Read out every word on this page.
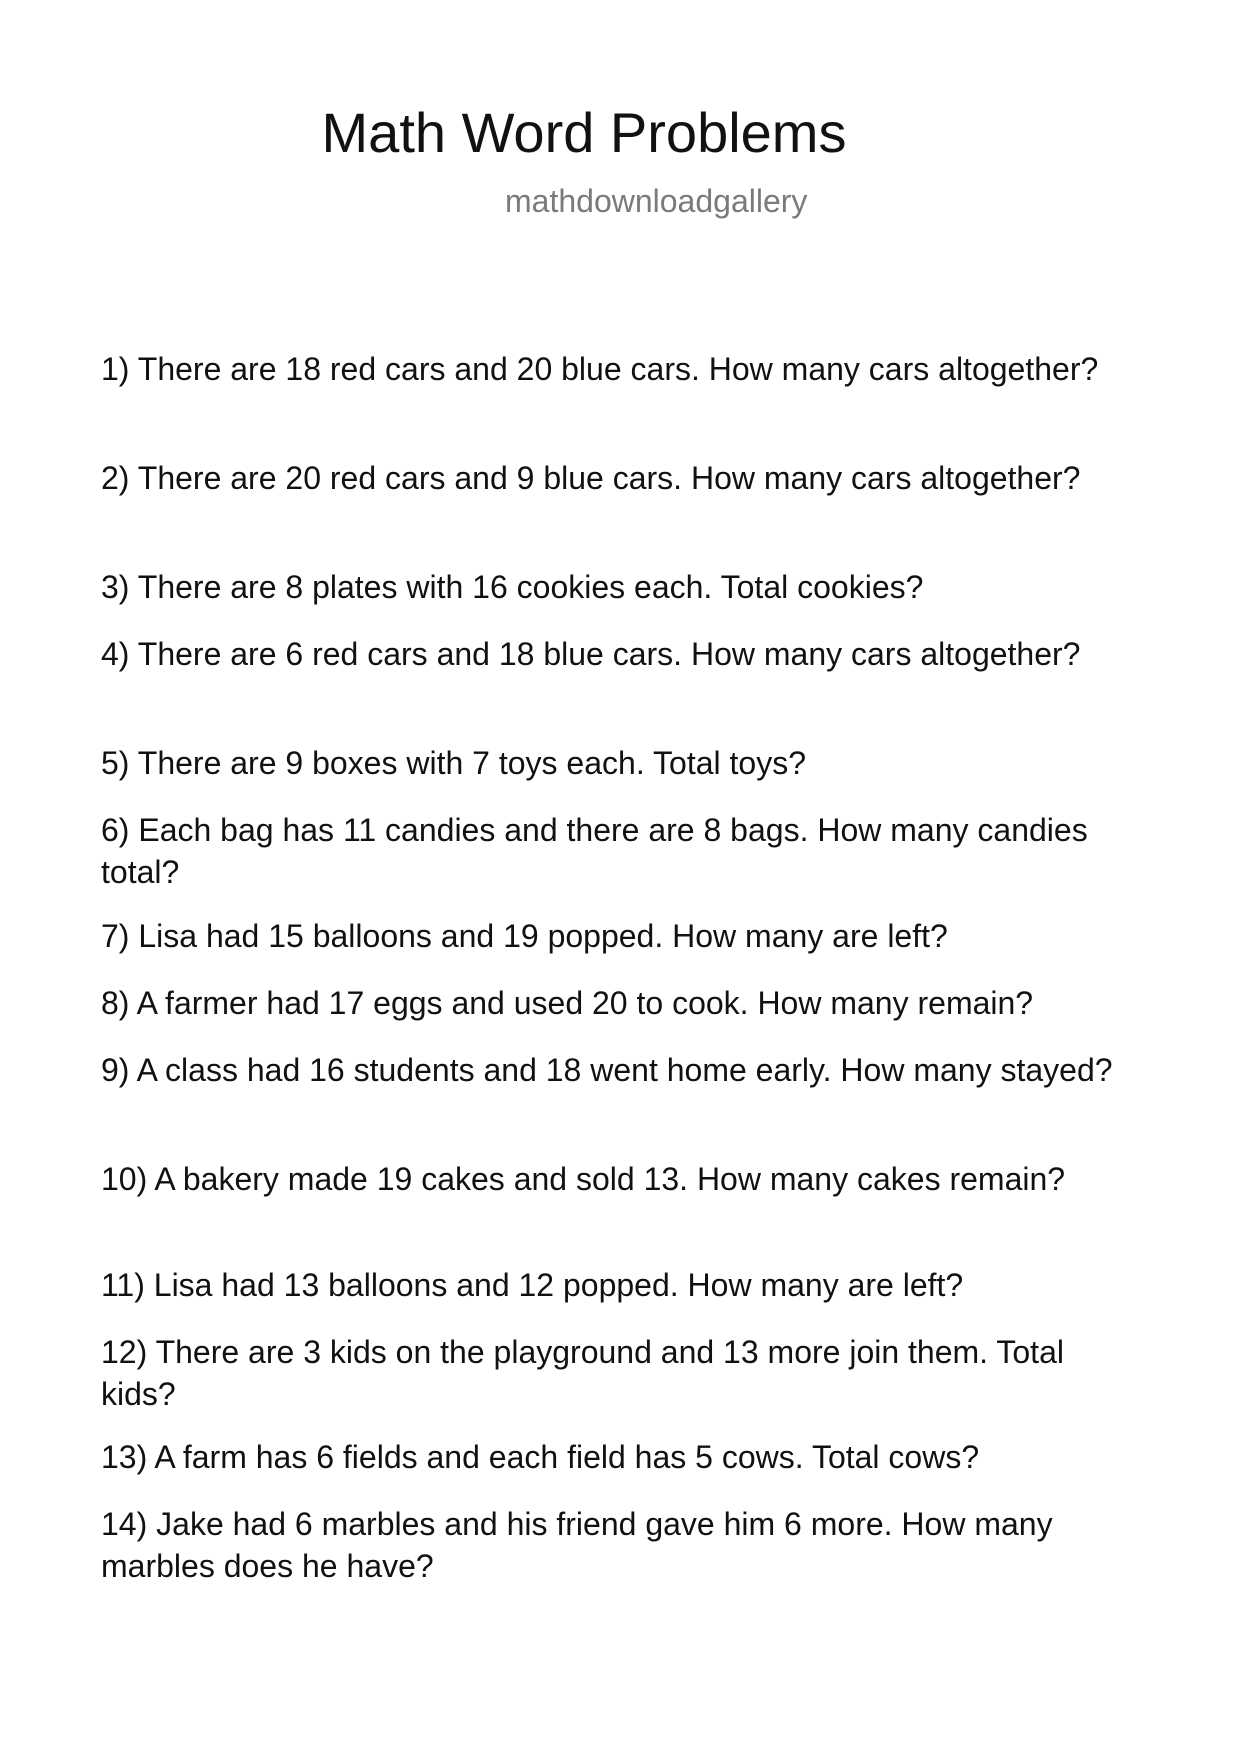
Math Word Problems
mathdownloadgallery

1) There are 18 red cars and 20 blue cars. How many cars altogether?

2) There are 20 red cars and 9 blue cars. How many cars altogether?

3) There are 8 plates with 16 cookies each. Total cookies?

4) There are 6 red cars and 18 blue cars. How many cars altogether?

5) There are 9 boxes with 7 toys each. Total toys?

6) Each bag has 11 candies and there are 8 bags. How many candies total?

7) Lisa had 15 balloons and 19 popped. How many are left?

8) A farmer had 17 eggs and used 20 to cook. How many remain?

9) A class had 16 students and 18 went home early. How many stayed?

10) A bakery made 19 cakes and sold 13. How many cakes remain?

11) Lisa had 13 balloons and 12 popped. How many are left?

12) There are 3 kids on the playground and 13 more join them. Total kids?

13) A farm has 6 fields and each field has 5 cows. Total cows?

14) Jake had 6 marbles and his friend gave him 6 more. How many marbles does he have?
